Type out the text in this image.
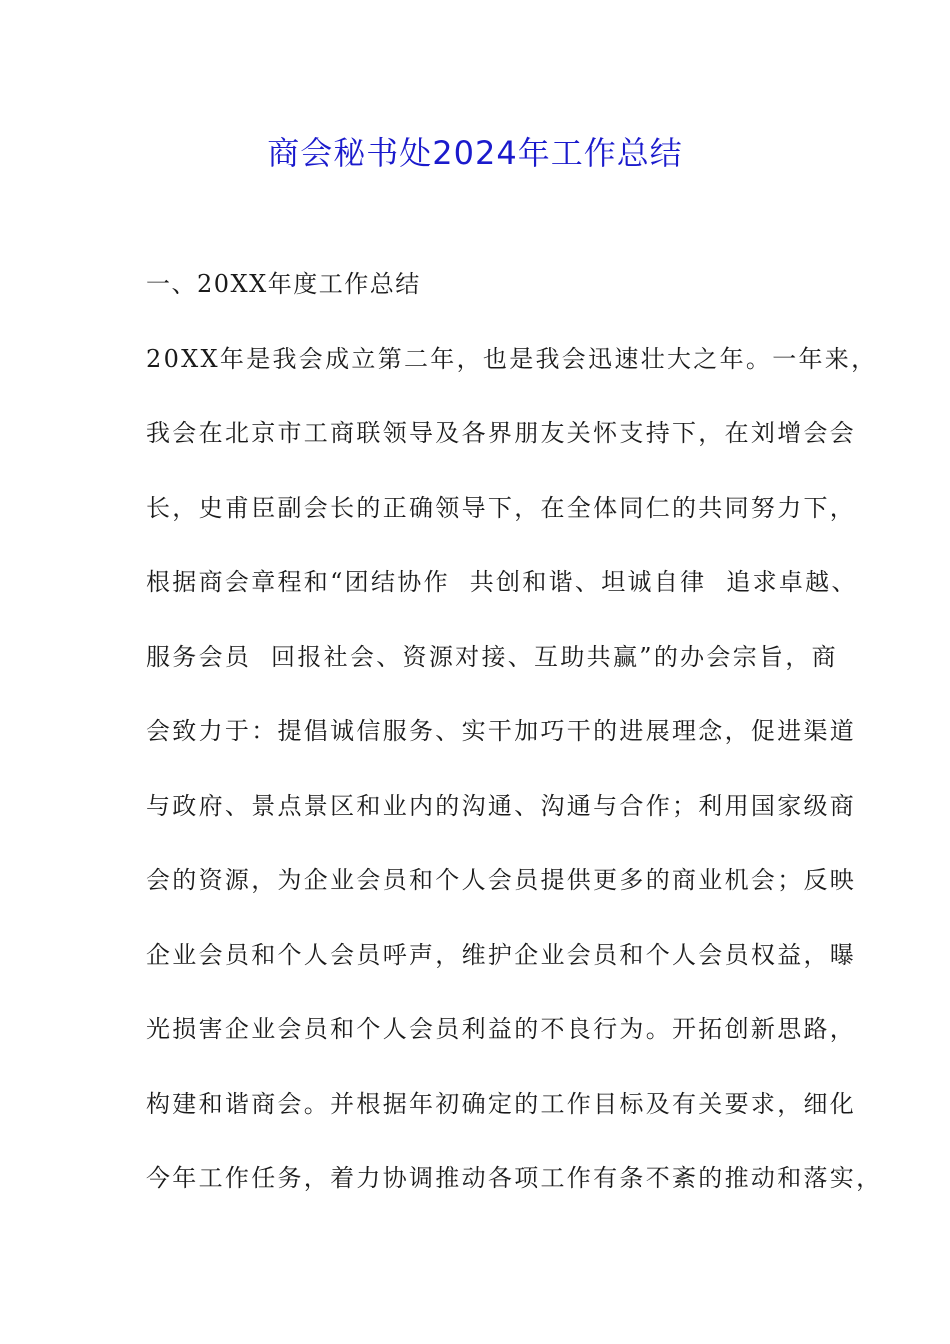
商会秘书处2024年工作总结
一、20XX年度工作总结
20XX年是我会成立第二年，也是我会迅速壮大之年。一年来，
我会在北京市工商联领导及各界朋友关怀支持下，在刘增会会
长，史甫臣副会长的正确领导下，在全体同仁的共同努力下，
根据商会章程和“团结协作  共创和谐、坦诚自律  追求卓越、
服务会员  回报社会、资源对接、互助共赢”的办会宗旨，商
会致力于：提倡诚信服务、实干加巧干的进展理念，促进渠道
与政府、景点景区和业内的沟通、沟通与合作；利用国家级商
会的资源，为企业会员和个人会员提供更多的商业机会；反映
企业会员和个人会员呼声，维护企业会员和个人会员权益，曝
光损害企业会员和个人会员利益的不良行为。开拓创新思路，
构建和谐商会。并根据年初确定的工作目标及有关要求，细化
今年工作任务，着力协调推动各项工作有条不紊的推动和落实，
